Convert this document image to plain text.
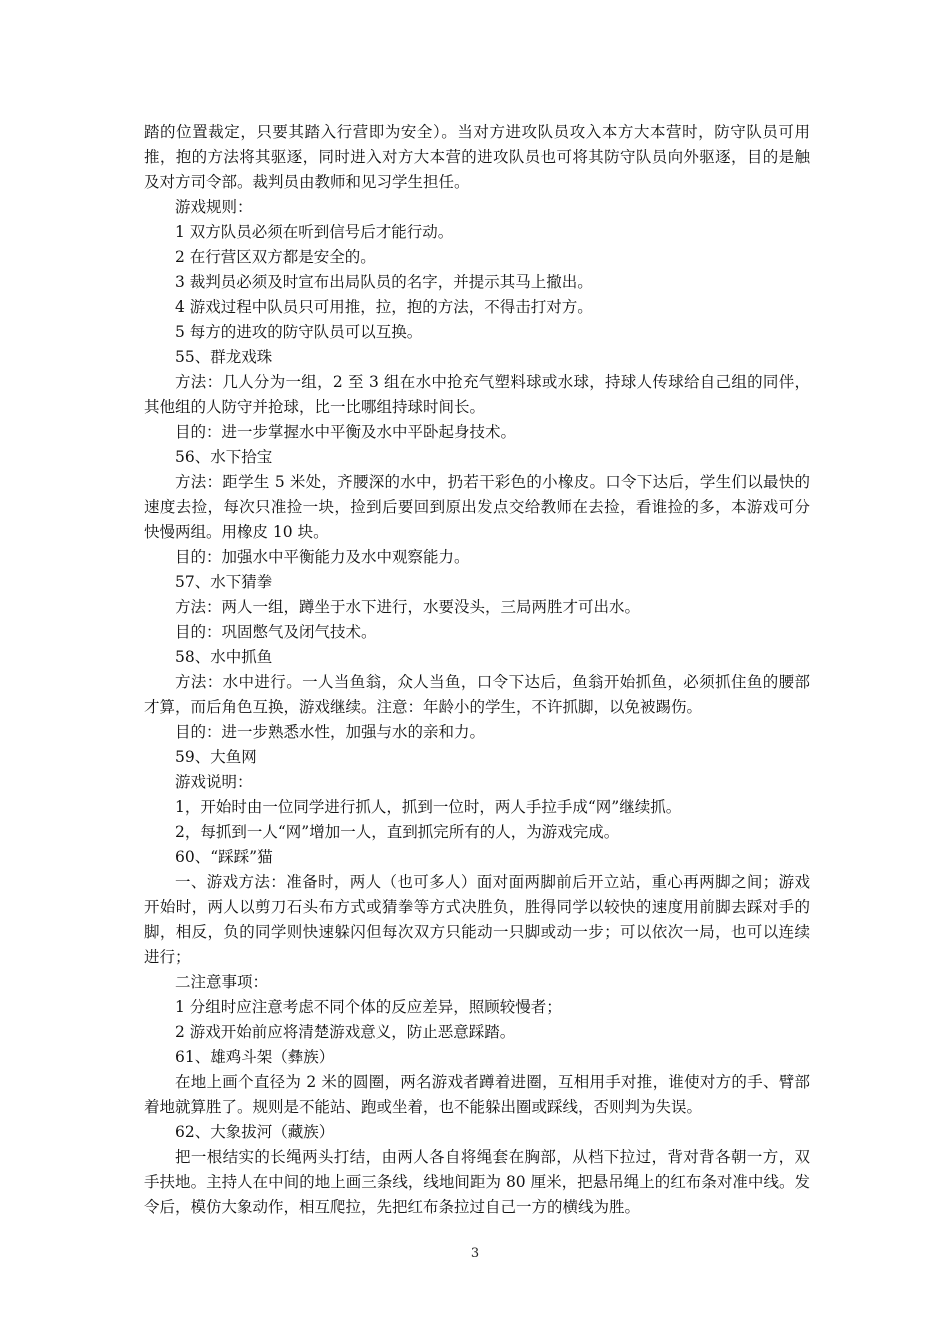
踏的位置裁定，只要其踏入行营即为安全）。当对方进攻队员攻入本方大本营时，防守队员可用推，抱的方法将其驱逐，同时进入对方大本营的进攻队员也可将其防守队员向外驱逐，目的是触及对方司令部。裁判员由教师和见习学生担任。

游戏规则：

1 双方队员必须在听到信号后才能行动。

2 在行营区双方都是安全的。

3 裁判员必须及时宣布出局队员的名字，并提示其马上撤出。

4 游戏过程中队员只可用推，拉，抱的方法，不得击打对方。

5 每方的进攻的防守队员可以互换。

55、群龙戏珠

方法：几人分为一组，2 至 3 组在水中抢充气塑料球或水球，持球人传球给自己组的同伴，其他组的人防守并抢球，比一比哪组持球时间长。

目的：进一步掌握水中平衡及水中平卧起身技术。

56、水下拾宝

方法：距学生 5 米处，齐腰深的水中，扔若干彩色的小橡皮。口令下达后，学生们以最快的速度去捡，每次只准捡一块，捡到后要回到原出发点交给教师在去捡，看谁捡的多，本游戏可分快慢两组。用橡皮 10 块。

目的：加强水中平衡能力及水中观察能力。

57、水下猜拳

方法：两人一组，蹲坐于水下进行，水要没头，三局两胜才可出水。

目的：巩固憋气及闭气技术。

58、水中抓鱼

方法：水中进行。一人当鱼翁，众人当鱼，口令下达后，鱼翁开始抓鱼，必须抓住鱼的腰部才算，而后角色互换，游戏继续。注意：年龄小的学生，不许抓脚，以免被踢伤。

目的：进一步熟悉水性，加强与水的亲和力。

59、大鱼网

游戏说明：

1，开始时由一位同学进行抓人，抓到一位时，两人手拉手成“网”继续抓。

2，每抓到一人“网”增加一人，直到抓完所有的人，为游戏完成。

60、“踩踩”猫

一、游戏方法：准备时，两人（也可多人）面对面两脚前后开立站，重心再两脚之间；游戏开始时，两人以剪刀石头布方式或猜拳等方式决胜负，胜得同学以较快的速度用前脚去踩对手的脚，相反，负的同学则快速躲闪但每次双方只能动一只脚或动一步；可以依次一局，也可以连续进行；

二注意事项：

1 分组时应注意考虑不同个体的反应差异，照顾较慢者；

2 游戏开始前应将清楚游戏意义，防止恶意踩踏。

61、雄鸡斗架（彝族）

在地上画个直径为 2 米的圆圈，两名游戏者蹲着进圈，互相用手对推，谁使对方的手、臂部着地就算胜了。规则是不能站、跑或坐着，也不能躲出圈或踩线，否则判为失误。

62、大象拔河（藏族）

把一根结实的长绳两头打结，由两人各自将绳套在胸部，从档下拉过，背对背各朝一方，双手扶地。主持人在中间的地上画三条线，线地间距为 80 厘米，把悬吊绳上的红布条对准中线。发令后，模仿大象动作，相互爬拉，先把红布条拉过自己一方的横线为胜。

3
